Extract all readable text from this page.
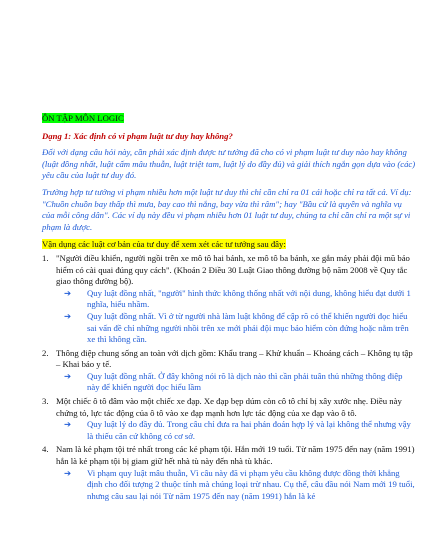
ÔN TẬP MÔN LOGIC
Dạng 1: Xác định có vi phạm luật tư duy hay không?
Đối với dạng câu hỏi này, cần phải xác định được tư tưởng đã cho có vi phạm luật tư duy nào hay không (luật đồng nhất, luật cấm mâu thuẫn, luật triệt tam, luật lý do đầy đủ) và giải thích ngắn gọn dựa vào (các) yêu cầu của luật tư duy đó.
Trường hợp tư tưởng vi phạm nhiều hơn một luật tư duy thì chỉ cần chỉ ra 01 cái hoặc chỉ ra tất cả. Ví dụ: "Chuồn chuồn bay thấp thì mưa, bay cao thì nắng, bay vừa thì râm"; hay "Bầu cử là quyền và nghĩa vụ của mỗi công dân". Các ví dụ này đều vi phạm nhiều hơn 01 luật tư duy, chúng ta chỉ cần chỉ ra một sự vi phạm là được.
Vận dụng các luật cơ bản của tư duy để xem xét các tư tưởng sau đây:
1. "Người điều khiển, người ngồi trên xe mô tô hai bánh, xe mô tô ba bánh, xe gắn máy phải đội mũ bảo hiểm có cài quai đúng quy cách". (Khoản 2 Điều 30 Luật Giao thông đường bộ năm 2008 về Quy tắc giao thông đường bộ).
➔ Quy luật đồng nhất, "người" hình thức không thống nhất với nội dung, không hiểu đạt dưới 1 nghĩa, hiểu nhầm.
➔ Quy luật đồng nhất. Vì ở từ người nhà làm luật không để cập rõ có thể khiến người đọc hiểu sai vấn đề chỉ những người nhồi trên xe mới phải đội mục bảo hiểm còn đứng hoặc nằm trên xe thì không cần.
2. Thông điệp chung sống an toàn với dịch gồm: Khẩu trang – Khử khuẩn – Khoảng cách – Không tụ tập – Khai báo y tế.
➔ Quy luật đồng nhất. Ở đây không nói rõ là dịch nào thì cần phải tuân thủ những thông điệp này để khiến người đọc hiểu lầm
3. Một chiếc ô tô đâm vào một chiếc xe đạp. Xe đạp bẹp dúm còn cô tô chỉ bị xây xước nhẹ. Điều này chứng tỏ, lực tác động của ô tô vào xe đạp mạnh hơn lực tác động của xe đạp vào ô tô.
➔ Quy luật lý do đầy đủ. Trong câu chỉ đưa ra hai phán đoán hợp lý và lại không thể nhưng vậy là thiếu căn cứ không có cơ sở.
4. Nam là kẻ phạm tội trẻ nhất trong các kẻ phạm tội. Hắn mới 19 tuổi. Từ năm 1975 đến nay (năm 1991) hắn là kẻ phạm tội bị giam giữ hết nhà tù này đến nhà tù khác.
➔ Vi phạm quy luật mâu thuẫn, Vì câu này đã vi phạm yêu cầu không được đồng thời khẳng định cho đối tượng 2 thuộc tính mà chúng loại trừ nhau. Cụ thể, câu đầu nói Nam mới 19 tuổi, nhưng câu sau lại nói Từ năm 1975 đến nay (năm 1991) hắn là kẻ
